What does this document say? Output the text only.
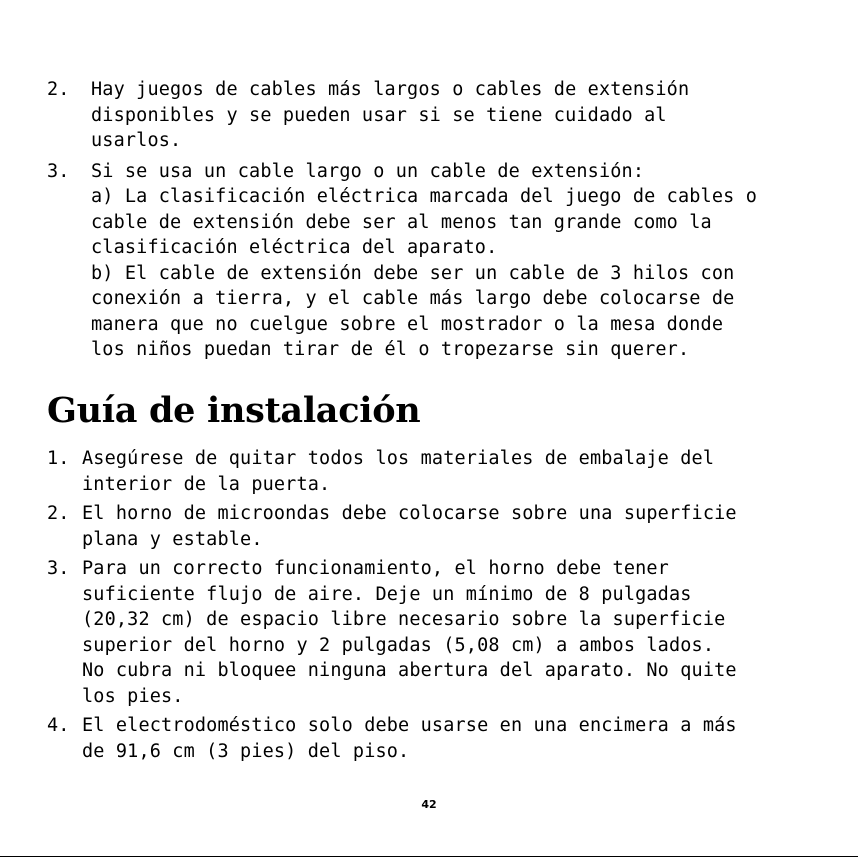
2. Hay juegos de cables más largos o cables de extensión
disponibles y se pueden usar si se tiene cuidado al
usarlos.
3. Si se usa un cable largo o un cable de extensión:
a) La clasificación eléctrica marcada del juego de cables o
cable de extensión debe ser al menos tan grande como la
clasificación eléctrica del aparato.
b) El cable de extensión debe ser un cable de 3 hilos con
conexión a tierra, y el cable más largo debe colocarse de
manera que no cuelgue sobre el mostrador o la mesa donde
los niños puedan tirar de él o tropezarse sin querer.
Guía de instalación
1. Asegúrese de quitar todos los materiales de embalaje del
interior de la puerta.
2. El horno de microondas debe colocarse sobre una superficie
plana y estable.
3. Para un correcto funcionamiento, el horno debe tener
suficiente flujo de aire. Deje un mínimo de 8 pulgadas
(20,32 cm) de espacio libre necesario sobre la superficie
superior del horno y 2 pulgadas (5,08 cm) a ambos lados.
No cubra ni bloquee ninguna abertura del aparato. No quite
los pies.
4. El electrodoméstico solo debe usarse en una encimera a más
de 91,6 cm (3 pies) del piso.
42
